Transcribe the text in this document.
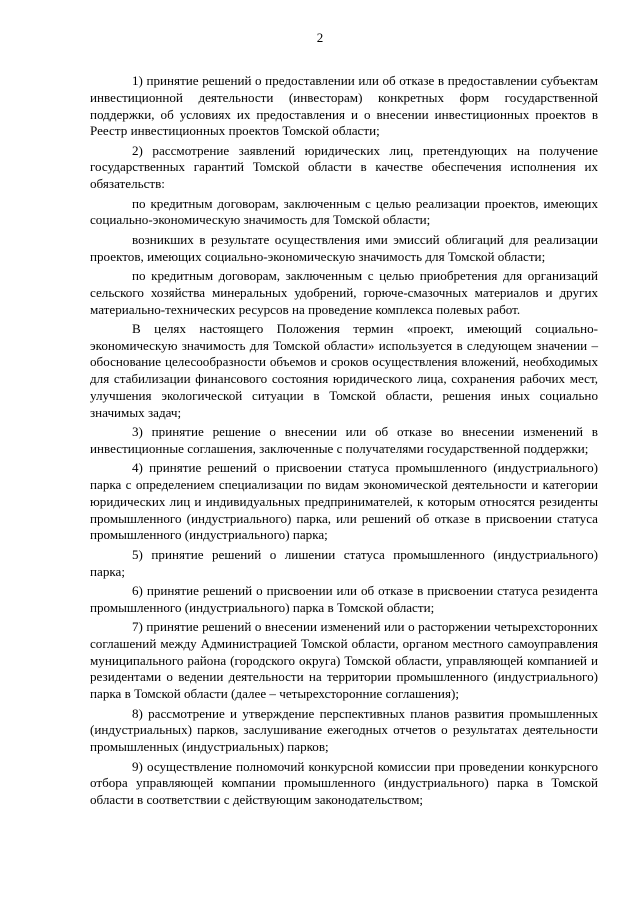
2

1) принятие решений о предоставлении или об отказе в предоставлении субъектам инвестиционной деятельности (инвесторам) конкретных форм государственной поддержки, об условиях их предоставления и о внесении инвестиционных проектов в Реестр инвестиционных проектов Томской области;

2) рассмотрение заявлений юридических лиц, претендующих на получение государственных гарантий Томской области в качестве обеспечения исполнения их обязательств:

по кредитным договорам, заключенным с целью реализации проектов, имеющих социально-экономическую значимость для Томской области;

возникших в результате осуществления ими эмиссий облигаций для реализации проектов, имеющих социально-экономическую значимость для Томской области;

по кредитным договорам, заключенным с целью приобретения для организаций сельского хозяйства минеральных удобрений, горюче-смазочных материалов и других материально-технических ресурсов на проведение комплекса полевых работ.

В целях настоящего Положения термин «проект, имеющий социально-экономическую значимость для Томской области» используется в следующем значении – обоснование целесообразности объемов и сроков осуществления вложений, необходимых для стабилизации финансового состояния юридического лица, сохранения рабочих мест, улучшения экологической ситуации в Томской области, решения иных социально значимых задач;

3) принятие решение о внесении или об отказе во внесении изменений в инвестиционные соглашения, заключенные с получателями государственной поддержки;

4) принятие решений о присвоении статуса промышленного (индустриального) парка с определением специализации по видам экономической деятельности и категории юридических лиц и индивидуальных предпринимателей, к которым относятся резиденты промышленного (индустриального) парка, или решений об отказе в присвоении статуса промышленного (индустриального) парка;

5) принятие решений о лишении статуса промышленного (индустриального) парка;

6) принятие решений о присвоении или об отказе в присвоении статуса резидента промышленного (индустриального) парка в Томской области;

7) принятие решений о внесении изменений или о расторжении четырехсторонних соглашений между Администрацией Томской области, органом местного самоуправления муниципального района (городского округа) Томской области, управляющей компанией и резидентами о ведении деятельности на территории промышленного (индустриального) парка в Томской области (далее – четырехсторонние соглашения);

8) рассмотрение и утверждение перспективных планов развития промышленных (индустриальных) парков, заслушивание ежегодных отчетов о результатах деятельности промышленных (индустриальных) парков;

9) осуществление полномочий конкурсной комиссии при проведении конкурсного отбора управляющей компании промышленного (индустриального) парка в Томской области в соответствии с действующим законодательством;
